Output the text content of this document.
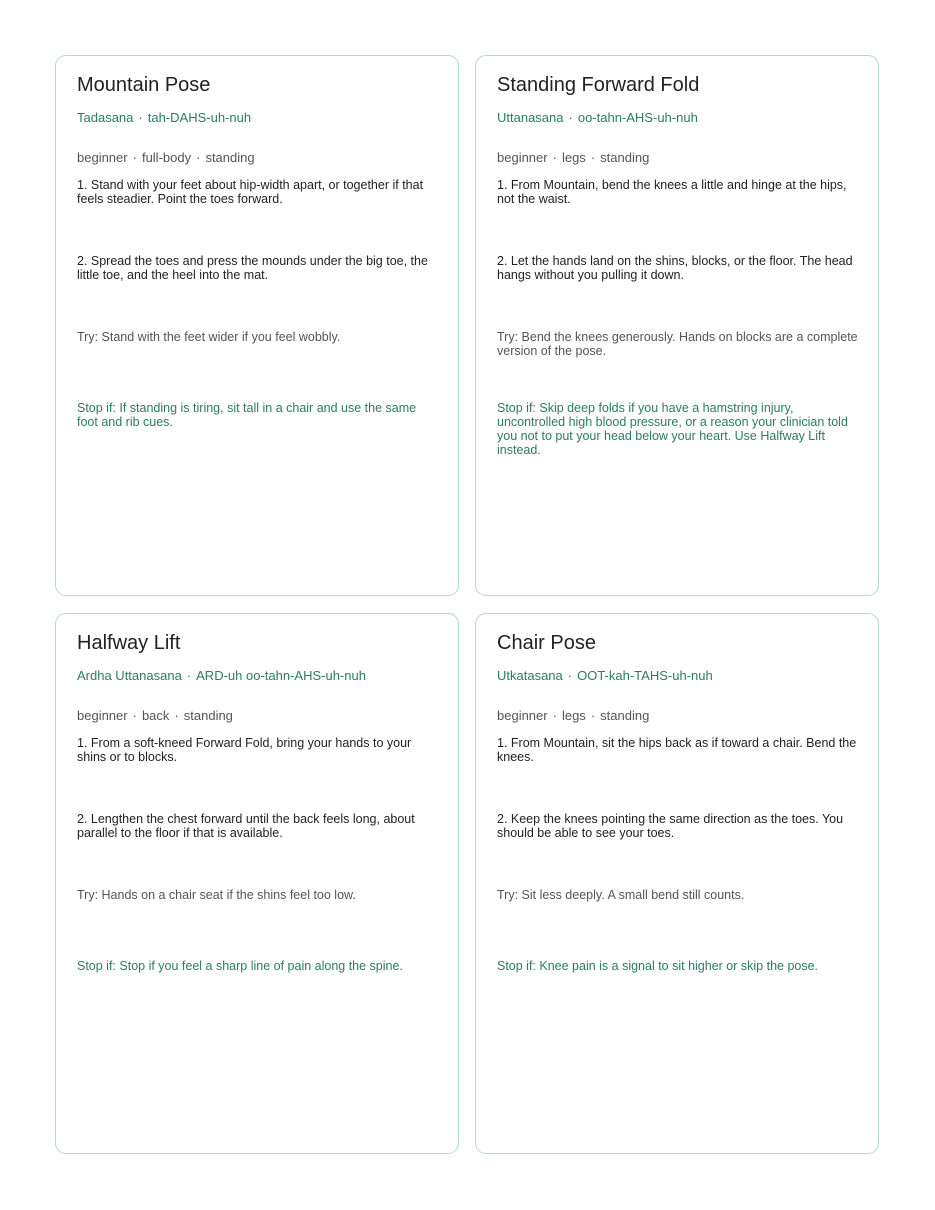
Mountain Pose
Tadasana · tah-DAHS-uh-nuh
beginner · full-body · standing
1. Stand with your feet about hip-width apart, or together if that feels steadier. Point the toes forward.
2. Spread the toes and press the mounds under the big toe, the little toe, and the heel into the mat.
Try: Stand with the feet wider if you feel wobbly.
Stop if: If standing is tiring, sit tall in a chair and use the same foot and rib cues.
Standing Forward Fold
Uttanasana · oo-tahn-AHS-uh-nuh
beginner · legs · standing
1. From Mountain, bend the knees a little and hinge at the hips, not the waist.
2. Let the hands land on the shins, blocks, or the floor. The head hangs without you pulling it down.
Try: Bend the knees generously. Hands on blocks are a complete version of the pose.
Stop if: Skip deep folds if you have a hamstring injury, uncontrolled high blood pressure, or a reason your clinician told you not to put your head below your heart. Use Halfway Lift instead.
Halfway Lift
Ardha Uttanasana · ARD-uh oo-tahn-AHS-uh-nuh
beginner · back · standing
1. From a soft-kneed Forward Fold, bring your hands to your shins or to blocks.
2. Lengthen the chest forward until the back feels long, about parallel to the floor if that is available.
Try: Hands on a chair seat if the shins feel too low.
Stop if: Stop if you feel a sharp line of pain along the spine.
Chair Pose
Utkatasana · OOT-kah-TAHS-uh-nuh
beginner · legs · standing
1. From Mountain, sit the hips back as if toward a chair. Bend the knees.
2. Keep the knees pointing the same direction as the toes. You should be able to see your toes.
Try: Sit less deeply. A small bend still counts.
Stop if: Knee pain is a signal to sit higher or skip the pose.
